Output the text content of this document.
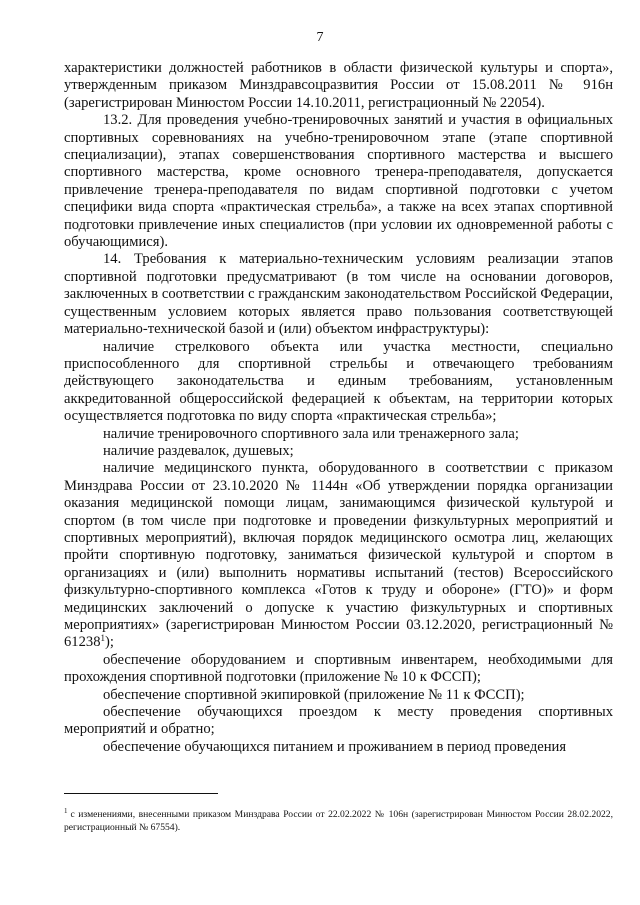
7

характеристики должностей работников в области физической культуры и спорта», утвержденным приказом Минздравсоцразвития России от 15.08.2011 № 916н (зарегистрирован Минюстом России 14.10.2011, регистрационный № 22054).

13.2. Для проведения учебно-тренировочных занятий и участия в официальных спортивных соревнованиях на учебно-тренировочном этапе (этапе спортивной специализации), этапах совершенствования спортивного мастерства и высшего спортивного мастерства, кроме основного тренера-преподавателя, допускается привлечение тренера-преподавателя по видам спортивной подготовки с учетом специфики вида спорта «практическая стрельба», а также на всех этапах спортивной подготовки привлечение иных специалистов (при условии их одновременной работы с обучающимися).

14. Требования к материально-техническим условиям реализации этапов спортивной подготовки предусматривают (в том числе на основании договоров, заключенных в соответствии с гражданским законодательством Российской Федерации, существенным условием которых является право пользования соответствующей материально-технической базой и (или) объектом инфраструктуры):

наличие стрелкового объекта или участка местности, специально приспособленного для спортивной стрельбы и отвечающего требованиям действующего законодательства и единым требованиям, установленным аккредитованной общероссийской федерацией к объектам, на территории которых осуществляется подготовка по виду спорта «практическая стрельба»;

наличие тренировочного спортивного зала или тренажерного зала;

наличие раздевалок, душевых;

наличие медицинского пункта, оборудованного в соответствии с приказом Минздрава России от 23.10.2020 № 1144н «Об утверждении порядка организации оказания медицинской помощи лицам, занимающимся физической культурой и спортом (в том числе при подготовке и проведении физкультурных мероприятий и спортивных мероприятий), включая порядок медицинского осмотра лиц, желающих пройти спортивную подготовку, заниматься физической культурой и спортом в организациях и (или) выполнить нормативы испытаний (тестов) Всероссийского физкультурно-спортивного комплекса «Готов к труду и обороне» (ГТО)» и форм медицинских заключений о допуске к участию физкультурных и спортивных мероприятиях» (зарегистрирован Минюстом России 03.12.2020, регистрационный № 61238$^1$);

обеспечение оборудованием и спортивным инвентарем, необходимыми для прохождения спортивной подготовки (приложение № 10 к ФССП);

обеспечение спортивной экипировкой (приложение № 11 к ФССП);

обеспечение обучающихся проездом к месту проведения спортивных мероприятий и обратно;

обеспечение обучающихся питанием и проживанием в период проведения

$^1$ с изменениями, внесенными приказом Минздрава России от 22.02.2022 № 106н (зарегистрирован Минюстом России 28.02.2022, регистрационный № 67554).
